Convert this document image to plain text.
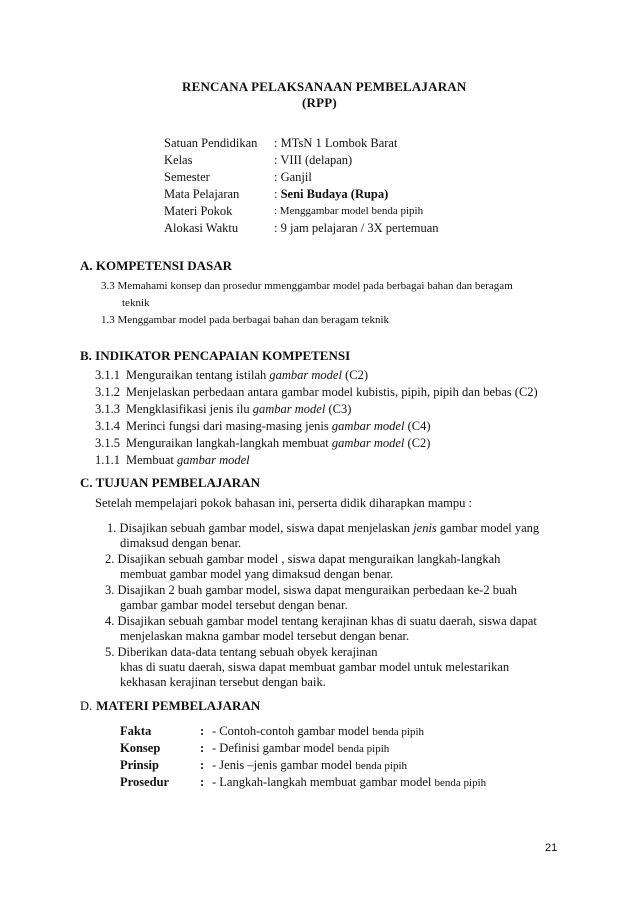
RENCANA PELAKSANAAN PEMBELAJARAN
(RPP)
Satuan Pendidikan : MTsN 1 Lombok Barat
Kelas	: VIII (delapan)
Semester	: Ganjil
Mata Pelajaran	: Seni Budaya (Rupa)
Materi Pokok	: Menggambar model benda pipih
Alokasi Waktu	: 9 jam pelajaran / 3X pertemuan
A. KOMPETENSI DASAR
3.3 Memahami konsep dan prosedur mmenggambar model pada berbagai bahan dan beragam
teknik
1.3 Menggambar model pada berbagai bahan dan beragam teknik
B. INDIKATOR PENCAPAIAN KOMPETENSI
3.1.1 Menguraikan tentang istilah gambar model (C2)
3.1.2 Menjelaskan perbedaan antara gambar model kubistis, pipih, pipih dan bebas (C2)
3.1.3 Mengklasifikasi jenis ilu gambar model (C3)
3.1.4 Merinci fungsi dari masing-masing jenis gambar model (C4)
3.1.5 Menguraikan langkah-langkah membuat gambar model (C2)
1.1.1 Membuat gambar model
C. TUJUAN PEMBELAJARAN
Setelah mempelajari pokok bahasan ini, perserta didik diharapkan mampu :
1. Disajikan sebuah gambar model, siswa dapat menjelaskan jenis gambar model yang
dimaksud dengan benar.
2. Disajikan sebuah gambar model , siswa dapat menguraikan langkah-langkah
membuat gambar model yang dimaksud dengan benar.
3. Disajikan 2 buah gambar model, siswa dapat menguraikan perbedaan ke-2 buah
gambar gambar model tersebut dengan benar.
4. Disajikan sebuah gambar model tentang kerajinan khas di suatu daerah, siswa dapat
menjelaskan makna gambar model tersebut dengan benar.
5. Diberikan data-data tentang sebuah obyek kerajinan
khas di suatu daerah, siswa dapat membuat gambar model untuk melestarikan
kekhasan kerajinan tersebut dengan baik.
D. MATERI PEMBELAJARAN
Fakta	: - Contoh-contoh gambar model benda pipih
Konsep	: - Definisi gambar model benda pipih
Prinsip	: - Jenis –jenis gambar model benda pipih
Prosedur : - Langkah-langkah membuat gambar model benda pipih
21
